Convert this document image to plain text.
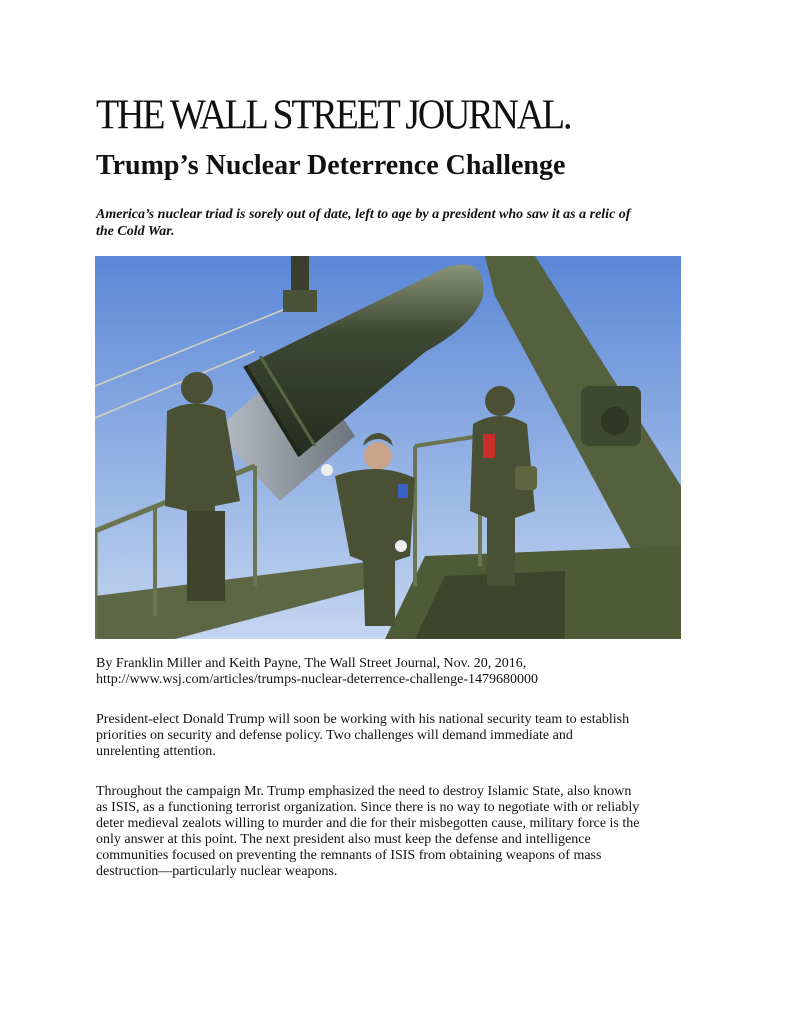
THE WALL STREET JOURNAL.
Trump’s Nuclear Deterrence Challenge
America’s nuclear triad is sorely out of date, left to age by a president who saw it as a relic of
the Cold War.
By Franklin Miller and Keith Payne, The Wall Street Journal, Nov. 20, 2016,
http://www.wsj.com/articles/trumps-nuclear-deterrence-challenge-1479680000
President-elect Donald Trump will soon be working with his national security team to establish
priorities on security and defense policy. Two challenges will demand immediate and
unrelenting attention.
Throughout the campaign Mr. Trump emphasized the need to destroy Islamic State, also known
as ISIS, as a functioning terrorist organization. Since there is no way to negotiate with or reliably
deter medieval zealots willing to murder and die for their misbegotten cause, military force is the
only answer at this point. The next president also must keep the defense and intelligence
communities focused on preventing the remnants of ISIS from obtaining weapons of mass
destruction—particularly nuclear weapons.
